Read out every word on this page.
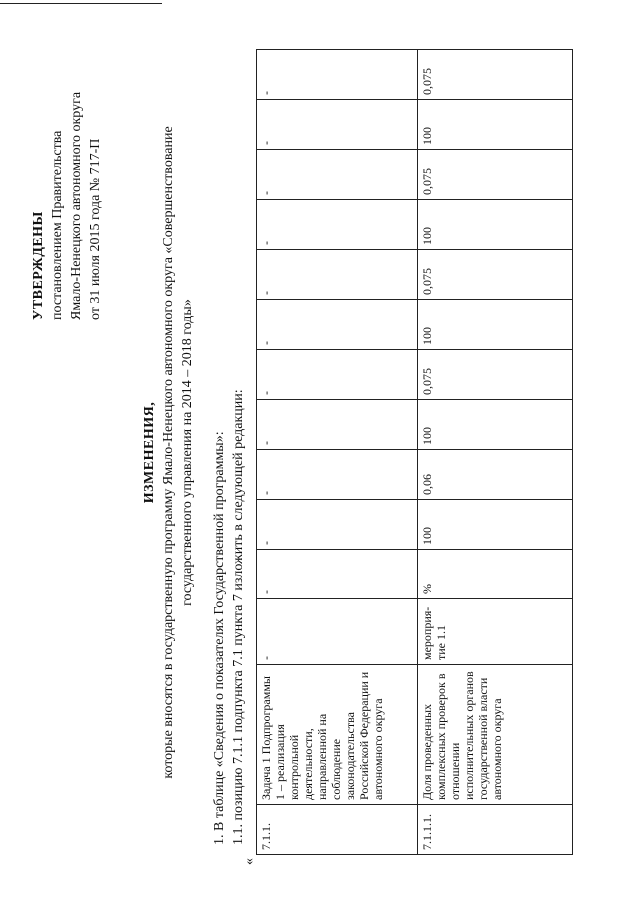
УТВЕРЖДЕНЫ постановлением Правительства Ямало-Ненецкого автономного округа от 31 июля 2015 года № 717-П
ИЗМЕНЕНИЯ, которые вносятся в государственную программу Ямало-Ненецкого автономного округа «Совершенствование государственного управления на 2014 – 2018 годы» 1. В таблице «Сведения о показателях Государственной программы»: 1.1. позицию 7.1.1 подпункта 7.1 пункта 7 изложить в следующей редакции:
«
7.1.1.	Задача 1 Подпрограммы 1 – реализация контрольной деятельности, направленной на соблюдение законодательства Российской Федерации и автономного округа	-	-	-	-	-	-	-	-	-	-	-	-
7.1.1.1.	Доля проведенных комплексных проверок в отношении исполнительных органов государственной власти автономного округа	мероприя-тие 1.1	%	100	0,06	100	0,075	100	0,075	100	0,075	100	0,075
